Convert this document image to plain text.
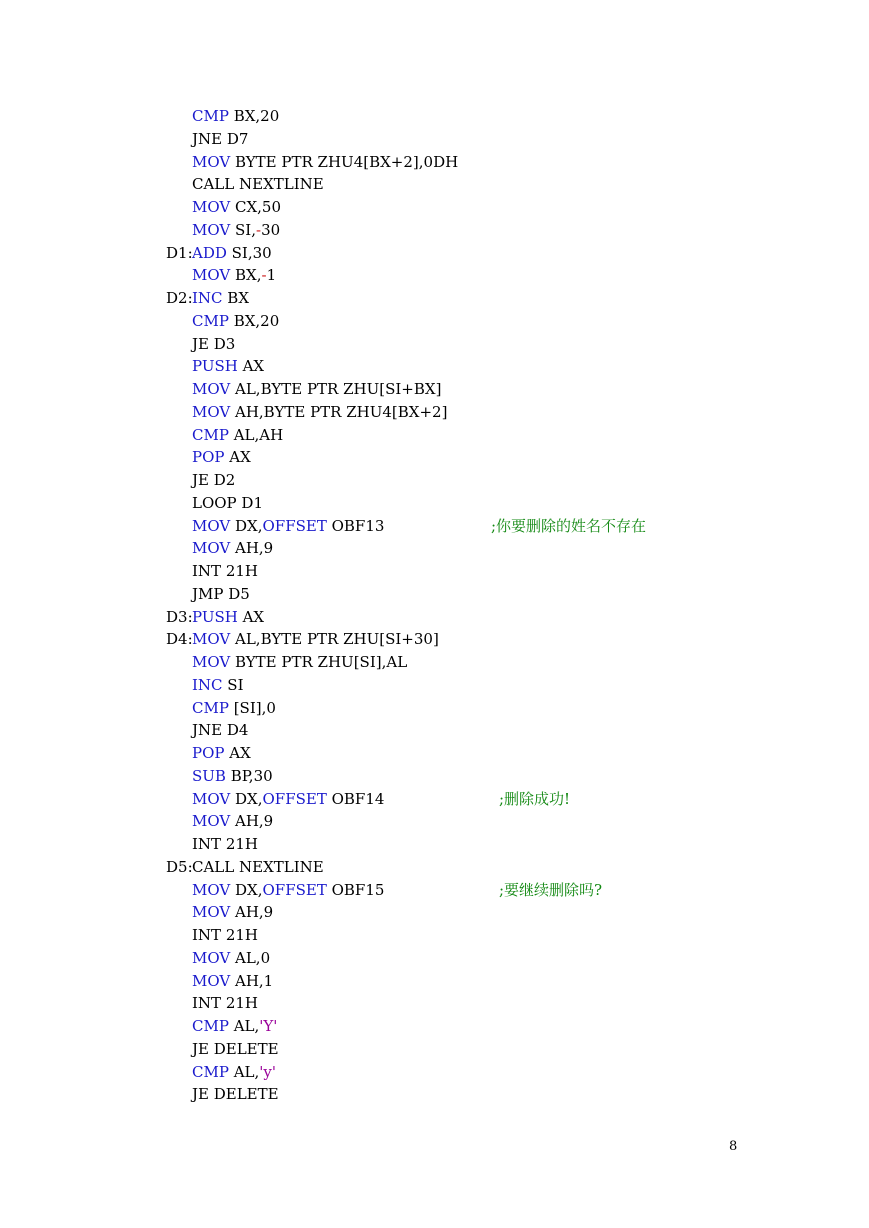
CMP BX,20
JNE D7
MOV BYTE PTR ZHU4[BX+2],0DH
CALL NEXTLINE
MOV CX,50
MOV SI,-30
D1:ADD SI,30
MOV BX,-1
D2:INC BX
CMP BX,20
JE D3
PUSH AX
MOV AL,BYTE PTR ZHU[SI+BX]
MOV AH,BYTE PTR ZHU4[BX+2]
CMP AL,AH
POP AX
JE D2
LOOP D1
MOV DX,OFFSET OBF13	;你要删除的姓名不存在
MOV AH,9
INT 21H
JMP D5
D3:PUSH AX
D4:MOV AL,BYTE PTR ZHU[SI+30]
MOV BYTE PTR ZHU[SI],AL
INC SI
CMP [SI],0
JNE D4
POP AX
SUB BP,30
MOV DX,OFFSET OBF14	;删除成功!
MOV AH,9
INT 21H
D5:CALL NEXTLINE
MOV DX,OFFSET OBF15	;要继续删除吗?
MOV AH,9
INT 21H
MOV AL,0
MOV AH,1
INT 21H
CMP AL,'Y'
JE DELETE
CMP AL,'y'
JE DELETE
8
